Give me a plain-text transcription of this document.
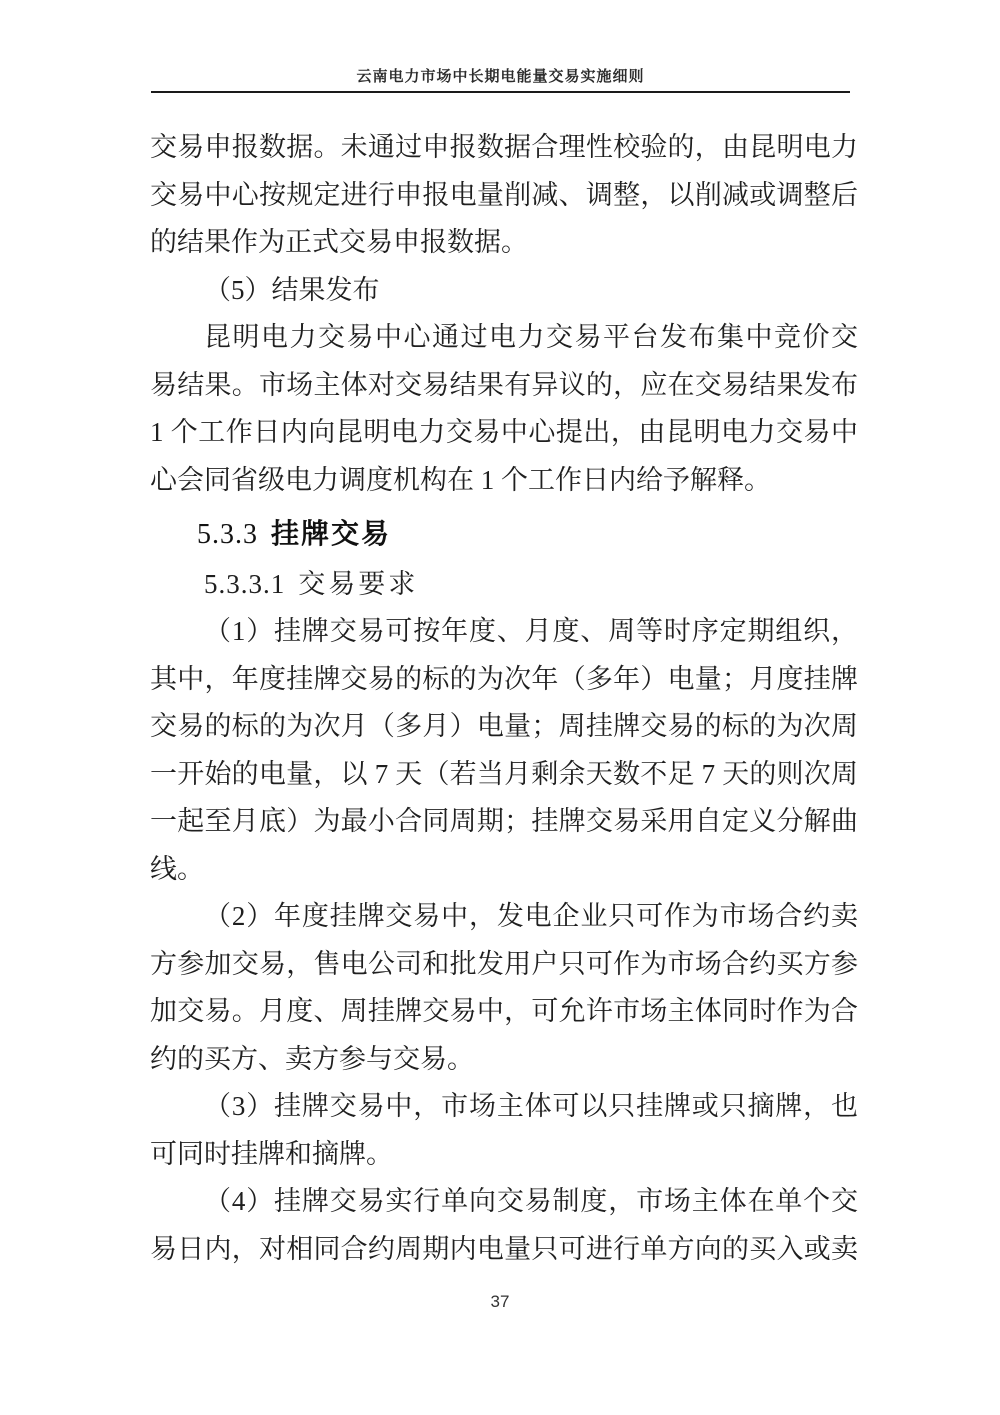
云南电力市场中长期电能量交易实施细则
交易申报数据。未通过申报数据合理性校验的，由昆明电力
交易中心按规定进行申报电量削减、调整，以削减或调整后
的结果作为正式交易申报数据。
（5）结果发布
昆明电力交易中心通过电力交易平台发布集中竞价交
易结果。市场主体对交易结果有异议的，应在交易结果发布
1 个工作日内向昆明电力交易中心提出，由昆明电力交易中
心会同省级电力调度机构在 1 个工作日内给予解释。
5.3.3 挂牌交易
5.3.3.1 交易要求
（1）挂牌交易可按年度、月度、周等时序定期组织，
其中，年度挂牌交易的标的为次年（多年）电量；月度挂牌
交易的标的为次月（多月）电量；周挂牌交易的标的为次周
一开始的电量，以 7 天（若当月剩余天数不足 7 天的则次周
一起至月底）为最小合同周期；挂牌交易采用自定义分解曲
线。
（2）年度挂牌交易中，发电企业只可作为市场合约卖
方参加交易，售电公司和批发用户只可作为市场合约买方参
加交易。月度、周挂牌交易中，可允许市场主体同时作为合
约的买方、卖方参与交易。
（3）挂牌交易中，市场主体可以只挂牌或只摘牌，也
可同时挂牌和摘牌。
（4）挂牌交易实行单向交易制度，市场主体在单个交
易日内，对相同合约周期内电量只可进行单方向的买入或卖
37
